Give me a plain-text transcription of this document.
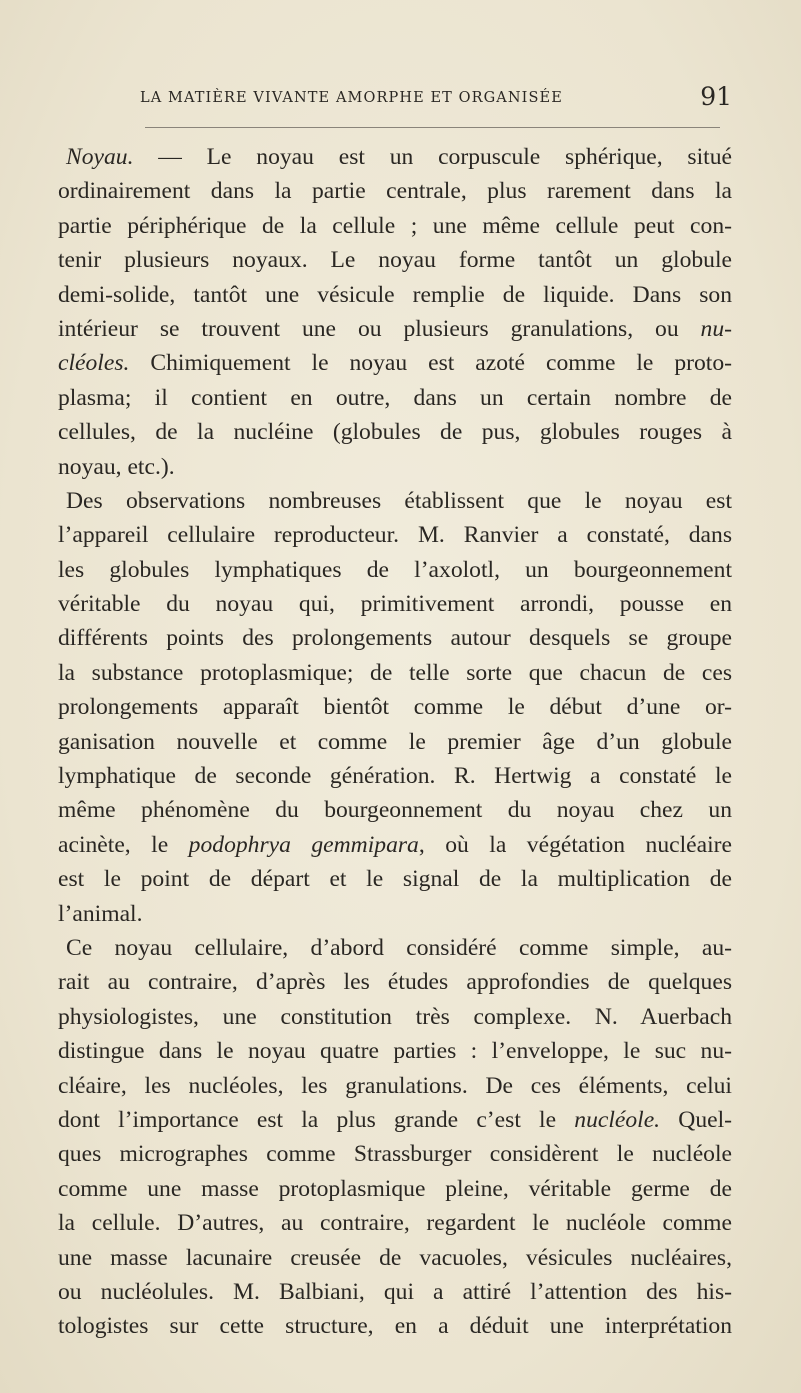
LA MATIÈRE VIVANTE AMORPHE ET ORGANISÉE	91
Noyau. — Le noyau est un corpuscule sphérique, situé
ordinairement dans la partie centrale, plus rarement dans la
partie périphérique de la cellule ; une même cellule peut con-
tenir plusieurs noyaux. Le noyau forme tantôt un globule
demi-solide, tantôt une vésicule remplie de liquide. Dans son
intérieur se trouvent une ou plusieurs granulations, ou nu-
cléoles. Chimiquement le noyau est azoté comme le proto-
plasma; il contient en outre, dans un certain nombre de
cellules, de la nucléine (globules de pus, globules rouges à
noyau, etc.).
Des observations nombreuses établissent que le noyau est
l’appareil cellulaire reproducteur. M. Ranvier a constaté, dans
les globules lymphatiques de l’axolotl, un bourgeonnement
véritable du noyau qui, primitivement arrondi, pousse en
différents points des prolongements autour desquels se groupe
la substance protoplasmique; de telle sorte que chacun de ces
prolongements apparaît bientôt comme le début d’une or-
ganisation nouvelle et comme le premier âge d’un globule
lymphatique de seconde génération. R. Hertwig a constaté le
même phénomène du bourgeonnement du noyau chez un
acinète, le podophrya gemmipara, où la végétation nucléaire
est le point de départ et le signal de la multiplication de
l’animal.
Ce noyau cellulaire, d’abord considéré comme simple, au-
rait au contraire, d’après les études approfondies de quelques
physiologistes, une constitution très complexe. N. Auerbach
distingue dans le noyau quatre parties : l’enveloppe, le suc nu-
cléaire, les nucléoles, les granulations. De ces éléments, celui
dont l’importance est la plus grande c’est le nucléole. Quel-
ques micrographes comme Strassburger considèrent le nucléole
comme une masse protoplasmique pleine, véritable germe de
la cellule. D’autres, au contraire, regardent le nucléole comme
une masse lacunaire creusée de vacuoles, vésicules nucléaires,
ou nucléolules. M. Balbiani, qui a attiré l’attention des his-
tologistes sur cette structure, en a déduit une interprétation
